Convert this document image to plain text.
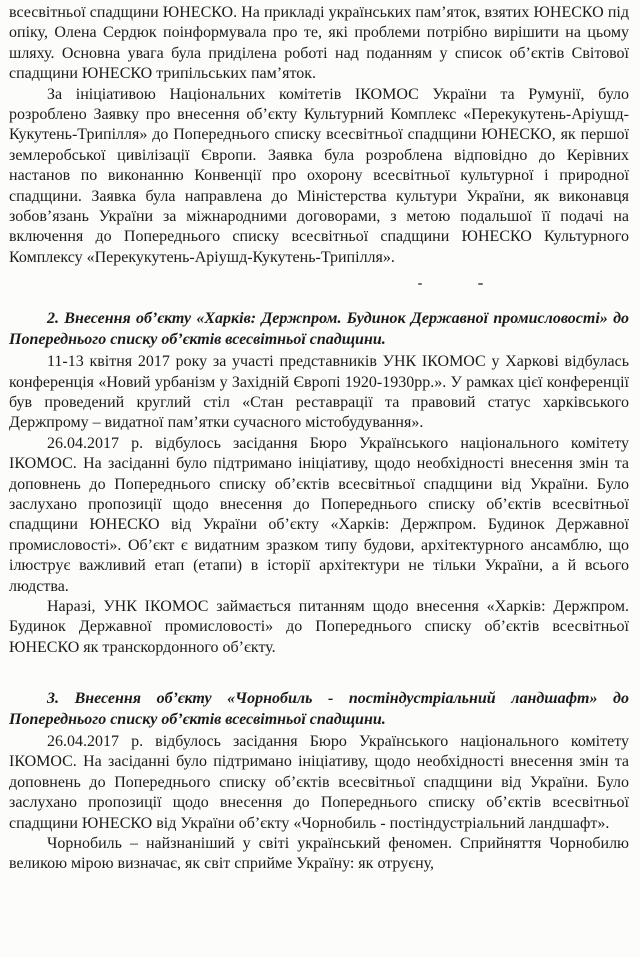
всесвітньої спадщини ЮНЕСКО. На прикладі українських пам’яток, взятих ЮНЕСКО під опіку, Олена Сердюк поінформувала про те, які проблеми потрібно вирішити на цьому шляху. Основна увага була приділена роботі над поданням у список об’єктів Світової спадщини ЮНЕСКО трипільських пам’яток.

За ініціативою Національних комітетів ІКОМОС України та Румунії, було розроблено Заявку про внесення об’єкту Культурний Комплекс «Перекукутень-Аріушд-Кукутень-Трипілля» до Попереднього списку всесвітньої спадщини ЮНЕСКО, як першої землеробської цивілізації Європи. Заявка була розроблена відповідно до Керівних настанов по виконанню Конвенції про охорону всесвітньої культурної і природної спадщини. Заявка була направлена до Міністерства культури України, як виконавця зобов’язань України за міжнародними договорами, з метою подальшої її подачі на включення до Попереднього списку всесвітньої спадщини ЮНЕСКО Культурного Комплексу «Перекукутень-Аріушд-Кукутень-Трипілля».

2. Внесення об’єкту «Харків: Держпром. Будинок Державної промисловості» до Попереднього списку об’єктів всесвітньої спадщини.

11-13 квітня 2017 року за участі представників УНК ІКОМОС у Харкові відбулась конференція «Новий урбанізм у Західній Європі 1920-1930рр.». У рамках цієї конференції був проведений круглий стіл «Стан реставрації та правовий статус харківського Держпрому – видатної пам’ятки сучасного містобудування».

26.04.2017 р. відбулось засідання Бюро Українського національного комітету ІКОМОС. На засіданні було підтримано ініціативу, щодо необхідності внесення змін та доповнень до Попереднього списку об’єктів всесвітньої спадщини від України. Було заслухано пропозиції щодо внесення до Попереднього списку об’єктів всесвітньої спадщини ЮНЕСКО від України об’єкту «Харків: Держпром. Будинок Державної промисловості». Об’єкт є видатним зразком типу будови, архітектурного ансамблю, що ілюструє важливий етап (етапи) в історії архітектури не тільки України, а й всього людства.

Наразі, УНК ІКОМОС займається питанням щодо внесення «Харків: Держпром. Будинок Державної промисловості» до Попереднього списку об’єктів всесвітньої ЮНЕСКО як транскордонного об’єкту.

3. Внесення об’єкту «Чорнобиль - постіндустріальний ландшафт» до Попереднього списку об’єктів всесвітньої спадщини.

26.04.2017 р. відбулось засідання Бюро Українського національного комітету ІКОМОС. На засіданні було підтримано ініціативу, щодо необхідності внесення змін та доповнень до Попереднього списку об’єктів всесвітньої спадщини від України. Було заслухано пропозиції щодо внесення до Попереднього списку об’єктів всесвітньої спадщини ЮНЕСКО від України об’єкту «Чорнобиль - постіндустріальний ландшафт».

Чорнобиль – найзнаніший у світі український феномен. Сприйняття Чорнобилю великою мірою визначає, як світ сприйме Україну: як отруєну,
